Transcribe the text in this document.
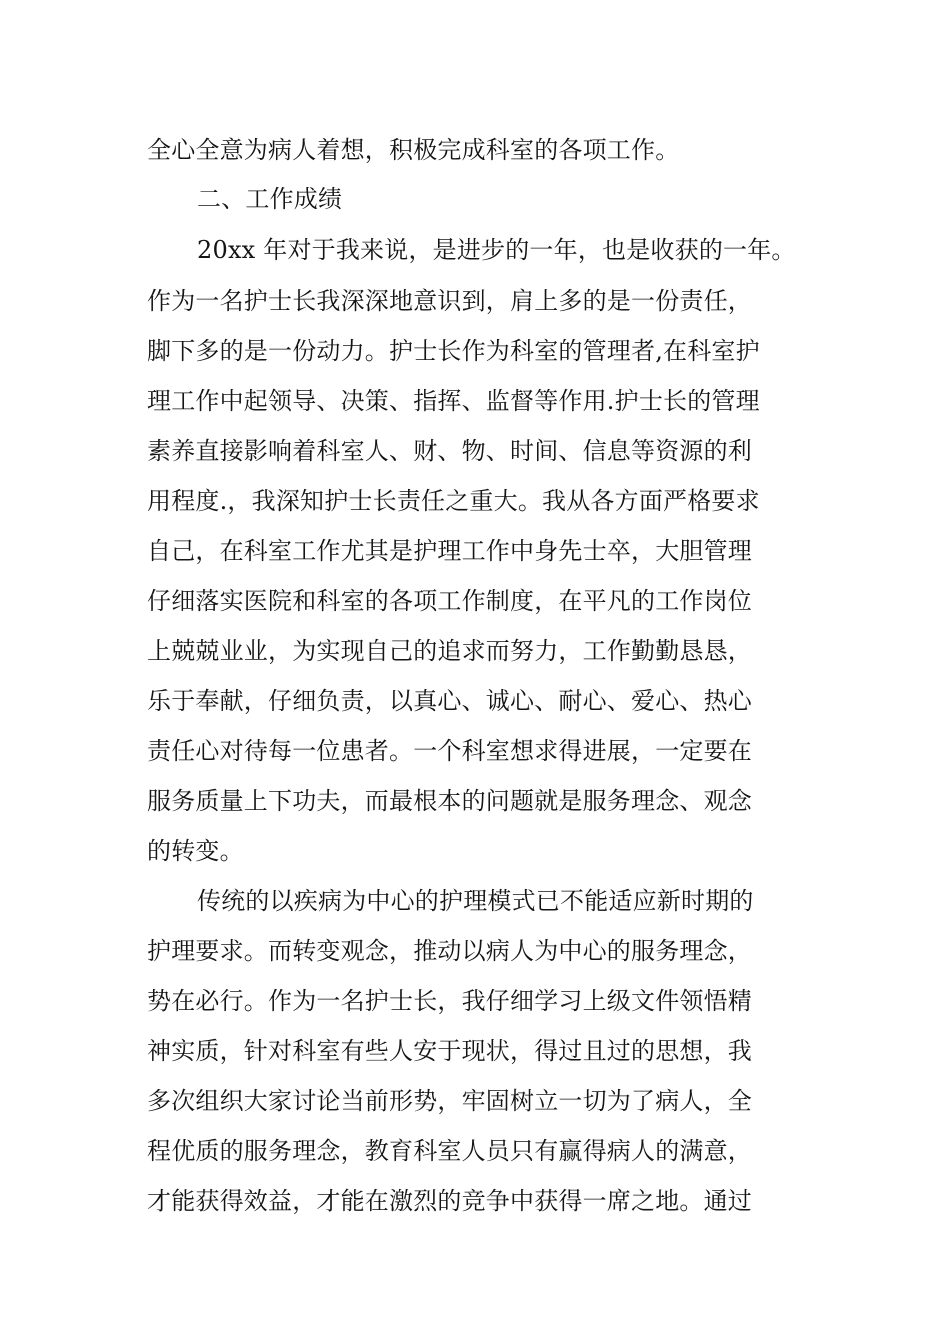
全心全意为病人着想，积极完成科室的各项工作。
二、工作成绩
20xx 年对于我来说，是进步的一年，也是收获的一年。
作为一名护士长我深深地意识到，肩上多的是一份责任，
脚下多的是一份动力。护士长作为科室的管理者,在科室护
理工作中起领导、决策、指挥、监督等作用.护士长的管理
素养直接影响着科室人、财、物、时间、信息等资源的利
用程度.，我深知护士长责任之重大。我从各方面严格要求
自己，在科室工作尤其是护理工作中身先士卒，大胆管理
仔细落实医院和科室的各项工作制度，在平凡的工作岗位
上兢兢业业，为实现自己的追求而努力，工作勤勤恳恳，
乐于奉献，仔细负责，以真心、诚心、耐心、爱心、热心
责任心对待每一位患者。一个科室想求得进展，一定要在
服务质量上下功夫，而最根本的问题就是服务理念、观念
的转变。
传统的以疾病为中心的护理模式已不能适应新时期的
护理要求。而转变观念，推动以病人为中心的服务理念，
势在必行。作为一名护士长，我仔细学习上级文件领悟精
神实质，针对科室有些人安于现状，得过且过的思想，我
多次组织大家讨论当前形势，牢固树立一切为了病人，全
程优质的服务理念，教育科室人员只有赢得病人的满意，
才能获得效益，才能在激烈的竞争中获得一席之地。通过
